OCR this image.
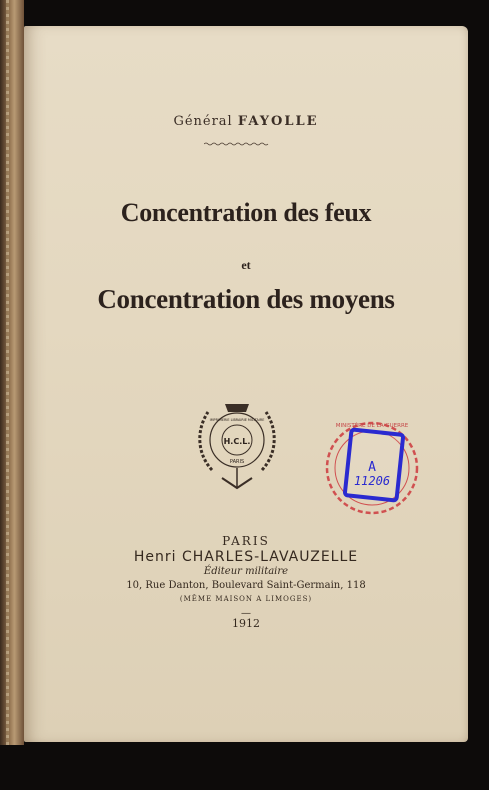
Général FAYOLLE
Concentration des feux
et
Concentration des moyens
H.C.L.
PARIS
IMPRIMERIE LIBRAIRIE MILITAIRE
MINISTÈRE DE LA GUERRE
A
11206
PARIS
Henri CHARLES-LAVAUZELLE
Éditeur militaire
10, Rue Danton, Boulevard Saint-Germain, 118
(MÊME MAISON A LIMOGES)
—
1912
